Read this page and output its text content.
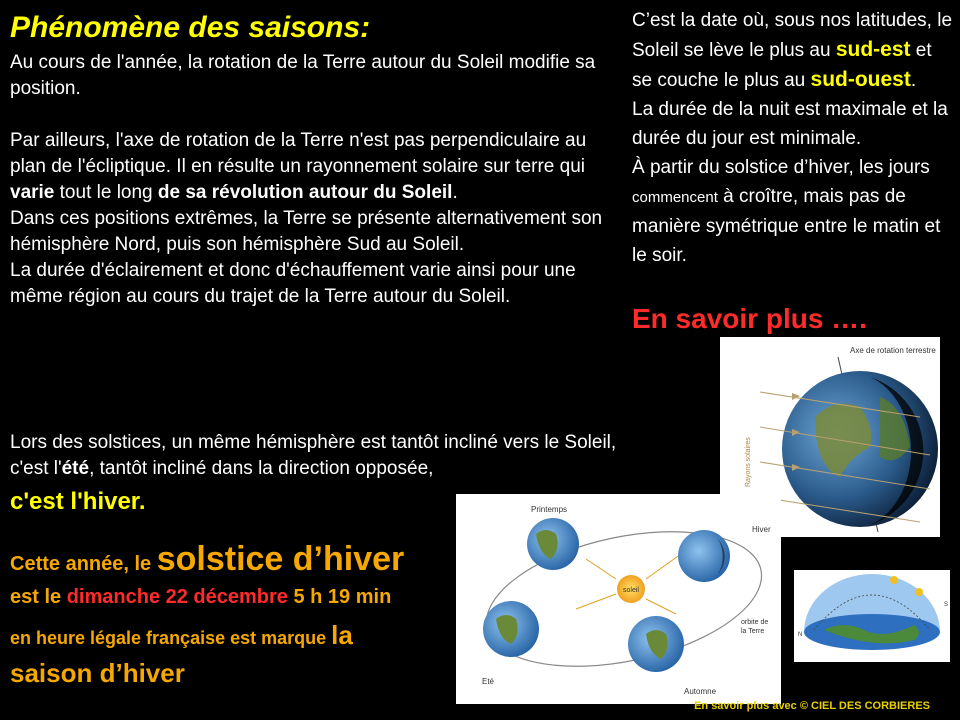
Phénomène des saisons:

Au cours de l'année, la rotation de la Terre autour du Soleil modifie sa position.

Par ailleurs, l'axe de rotation de la Terre n'est pas perpendiculaire au plan de l'écliptique. Il en résulte un rayonnement solaire sur terre qui varie tout le long de sa révolution autour du Soleil.
Dans ces positions extrêmes, la Terre se présente alternativement son hémisphère Nord, puis son hémisphère Sud au Soleil.
La durée d'éclairement et donc d'échauffement varie ainsi pour une même région au cours du trajet de la Terre autour du Soleil.
Lors des solstices, un même hémisphère est tantôt incliné vers le Soleil, c'est l'été, tantôt incliné dans la direction opposée,
c'est l'hiver.
Cette année, le solstice d’hiver
est le dimanche 22 décembre 5 h 19 min
en heure légale française est marque la
saison d’hiver
C’est la date où, sous nos latitudes, le Soleil se lève le plus au sud-est et se couche le plus au sud-ouest.
La durée de la nuit est maximale et la durée du jour est minimale.
À partir du solstice d’hiver, les jours commencent à croître, mais pas de manière symétrique entre le matin et le soir.

En savoir plus ….

Axe de rotation terrestre
Rayons solaires
soleil
Printemps
Hiver
Eté
Automne
orbite de
la Terre
S
N
En savoir plus avec © CIEL DES CORBIERES
